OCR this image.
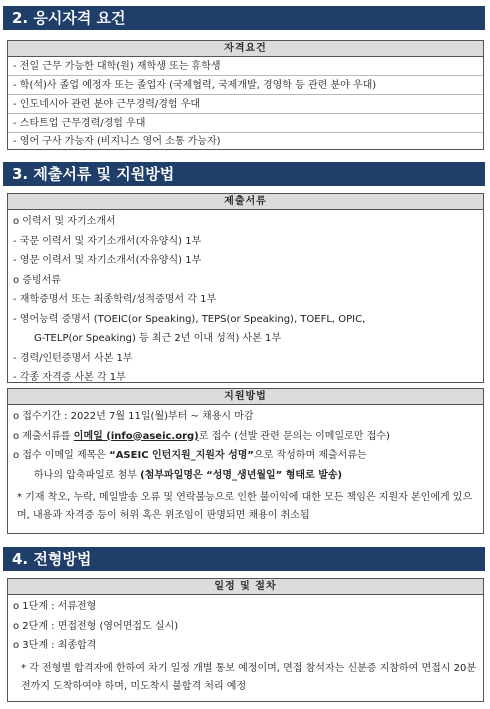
2. 응시자격 요건
자격요건
- 전일 근무 가능한 대학(원) 재학생 또는 휴학생
- 학(석)사 졸업 예정자 또는 졸업자 (국제협력, 국제개발, 경영학 등 관련 분야 우대)
- 인도네시아 관련 분야 근무경력/경험 우대
- 스타트업 근무경력/경험 우대
- 영어 구사 가능자 (비지니스 영어 소통 가능자)
3. 제출서류 및 지원방법
제출서류
o 이력서 및 자기소개서
- 국문 이력서 및 자기소개서(자유양식) 1부
- 영문 이력서 및 자기소개서(자유양식) 1부
o 증빙서류
- 재학증명서 또는 최종학력/성적증명서 각 1부
- 영어능력 증명서 (TOEIC(or Speaking), TEPS(or Speaking), TOEFL, OPIC,
G-TELP(or Speaking) 등 최근 2년 이내 성적) 사본 1부
- 경력/인턴증명서 사본 1부
- 각종 자격증 사본 각 1부
지원방법
o 접수기간 : 2022년 7월 11일(월)부터 ~ 채용시 마감
o 제출서류를 이메일 (info@aseic.org)로 접수 (선발 관련 문의는 이메일로만 접수)
o 접수 이메일 제목은 “ASEIC 인턴지원_지원자 성명”으로 작성하며 제출서류는
하나의 압축파일로 첨부 (첨부파일명은 “성명_생년월일” 형태로 발송)
* 기재 착오, 누락, 메일발송 오류 및 연락불능으로 인한 불이익에 대한 모든 책임은 지원자 본인에게 있으며, 내용과 자격증 등이 허위 혹은 위조임이 판명되면 채용이 취소됨
4. 전형방법
일정 및 절차
o 1단계 : 서류전형
o 2단계 : 면접전형 (영어면접도 실시)
o 3단계 : 최종합격
* 각 전형별 합격자에 한하여 차기 일정 개별 통보 예정이며, 면접 참석자는 신분증 지참하여 면접시 20분 전까지 도착하여야 하며, 미도착시 불합격 처리 예정
